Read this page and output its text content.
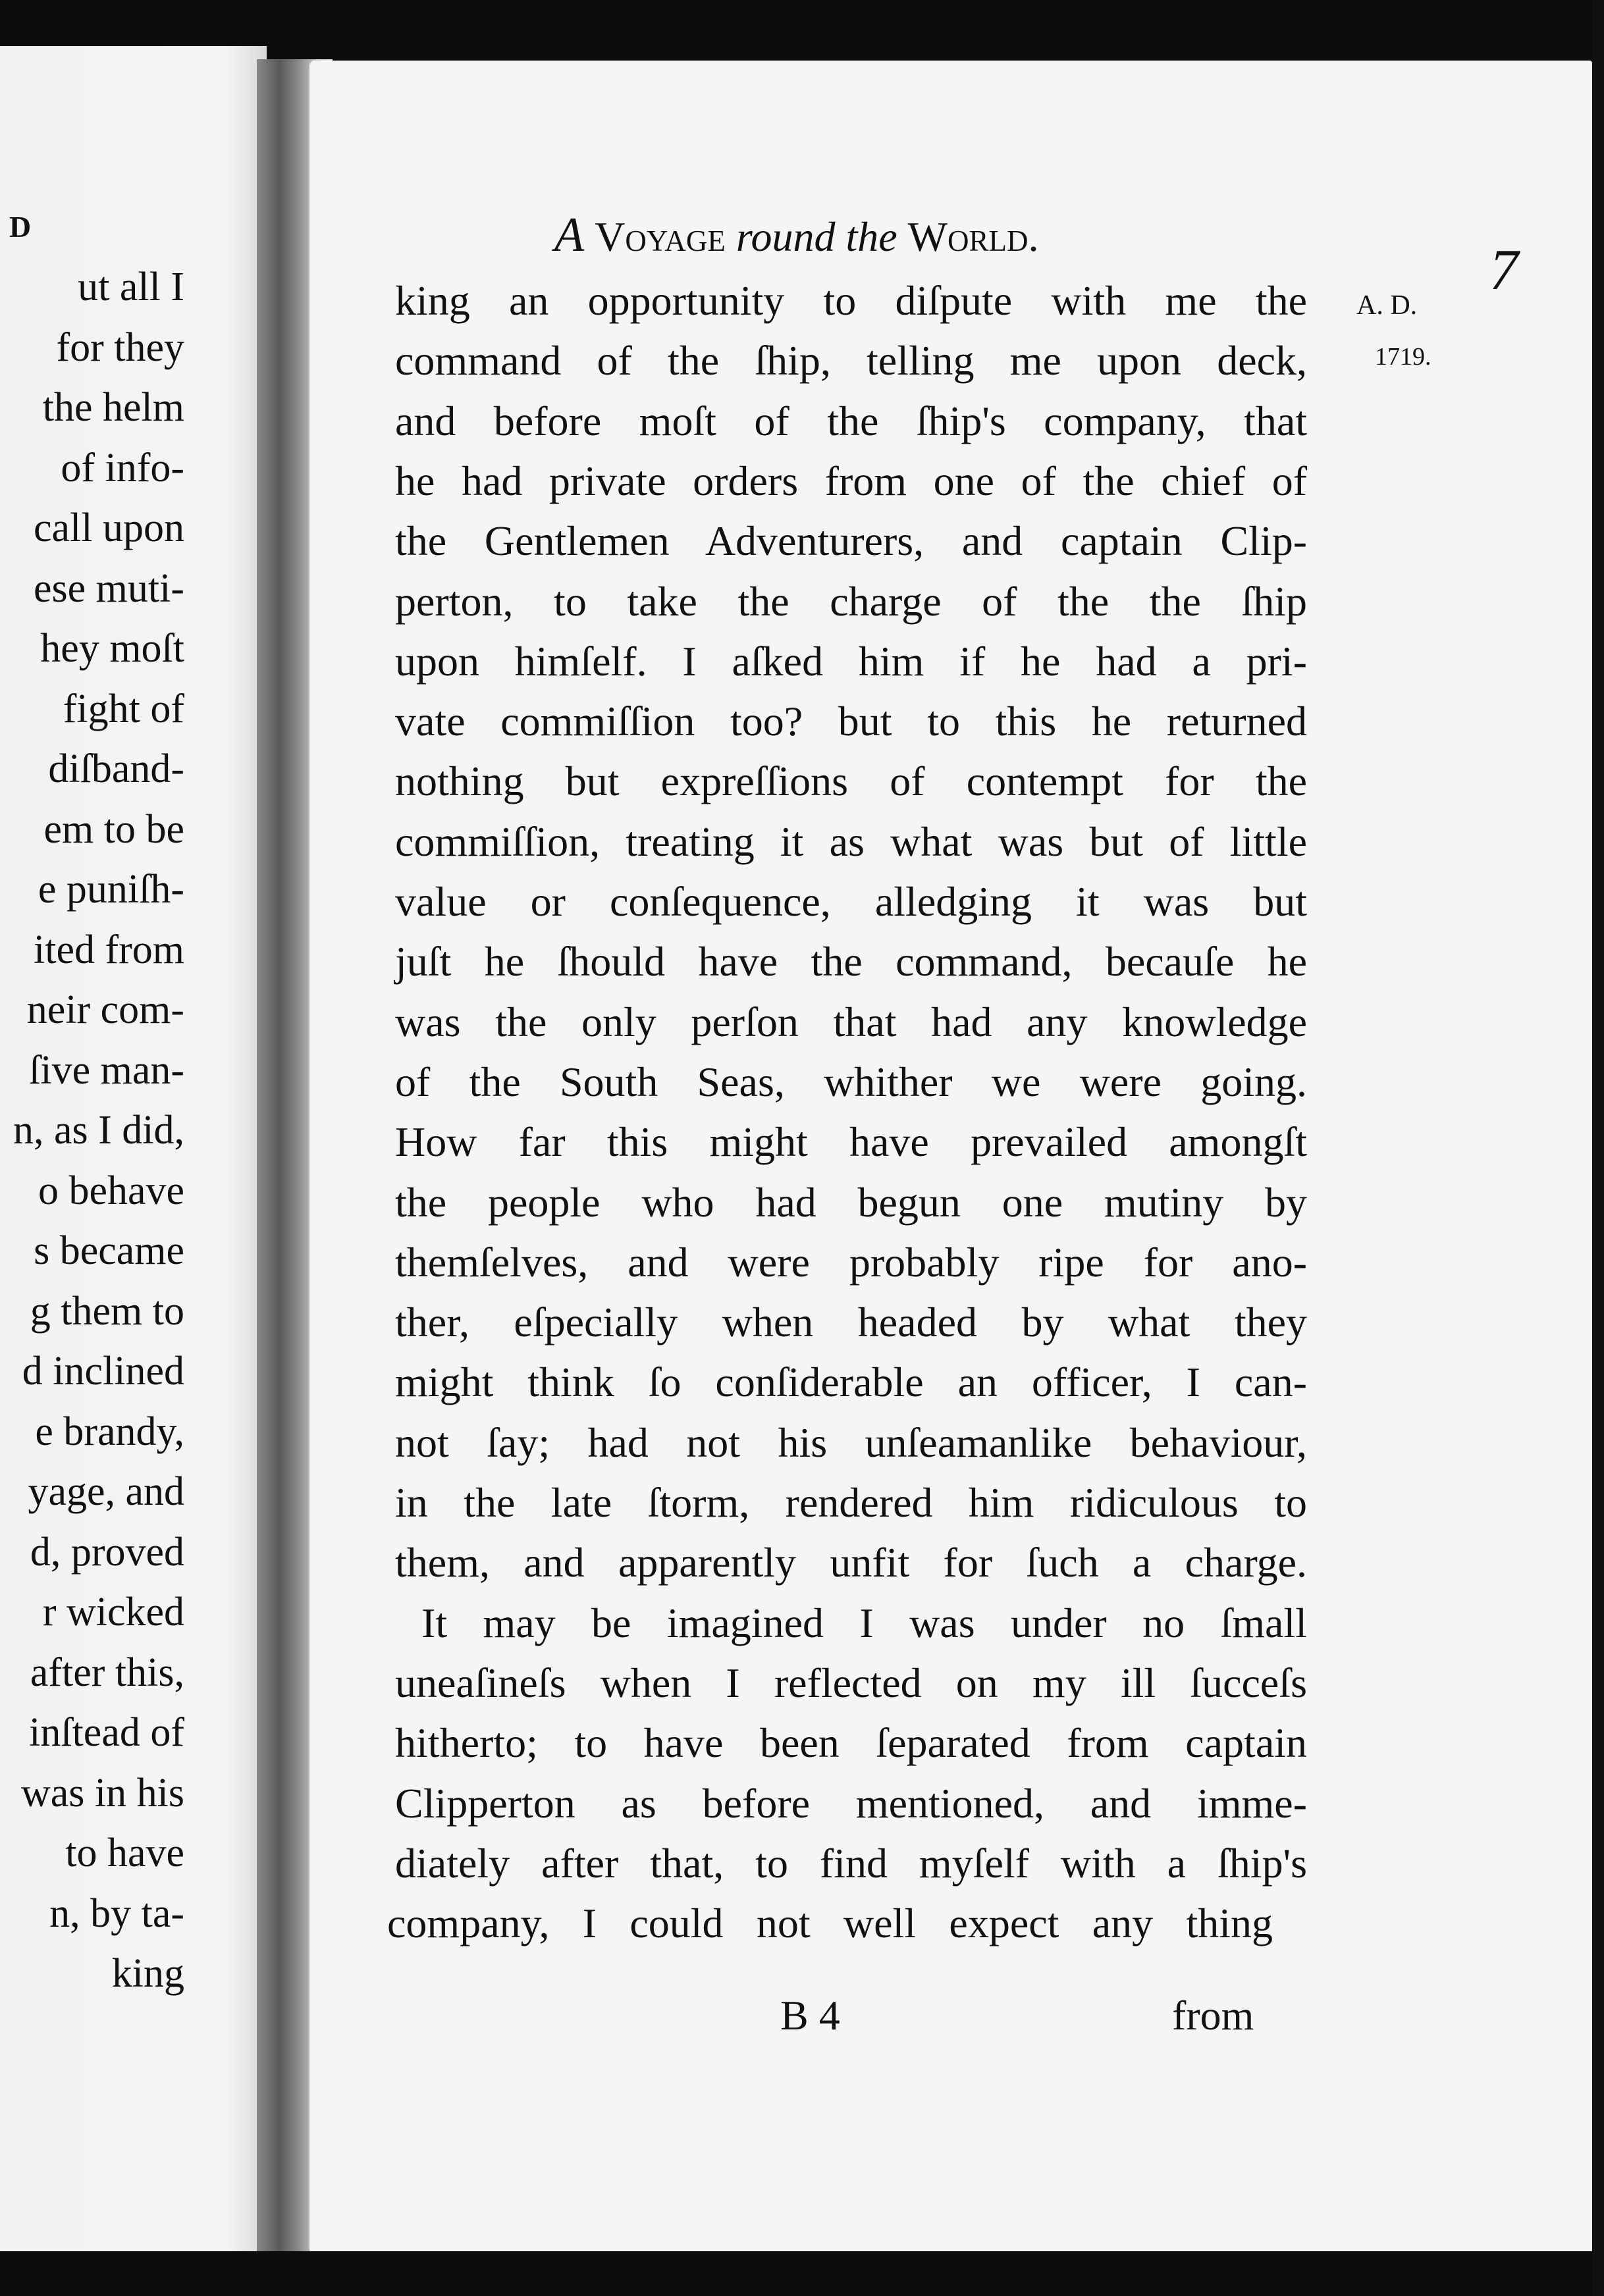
D
ut all I
for they
the helm
of info-
call upon
ese muti-
hey moſt
fight of
diſband-
em to be
e puniſh-
ited from
neir com-
ſive man-
n, as I did,
o behave
s became
g them to
d inclined
e brandy,
yage, and
d, proved
r wicked
after this,
inſtead of
was in his
to have
n, by ta-
king
A Voyage round the World.
7
A. D.
1719.
king an opportunity to diſpute with me the
command of the ſhip, telling me upon deck,
and before moſt of the ſhip's company, that
he had private orders from one of the chief of
the Gentlemen Adventurers, and captain Clip-
perton, to take the charge of the the ſhip
upon himſelf. I aſked him if he had a pri-
vate commiſſion too? but to this he returned
nothing but expreſſions of contempt for the
commiſſion, treating it as what was but of little
value or conſequence, alledging it was but
juſt he ſhould have the command, becauſe he
was the only perſon that had any knowledge
of the South Seas, whither we were going.
How far this might have prevailed amongſt
the people who had begun one mutiny by
themſelves, and were probably ripe for ano-
ther, eſpecially when headed by what they
might think ſo conſiderable an officer, I can-
not ſay; had not his unſeamanlike behaviour,
in the late ſtorm, rendered him ridiculous to
them, and apparently unfit for ſuch a charge.
It may be imagined I was under no ſmall
uneaſineſs when I reflected on my ill ſucceſs
hitherto; to have been ſeparated from captain
Clipperton as before mentioned, and imme-
diately after that, to find myſelf with a ſhip's
company, I could not well expect any thing
B 4	from
